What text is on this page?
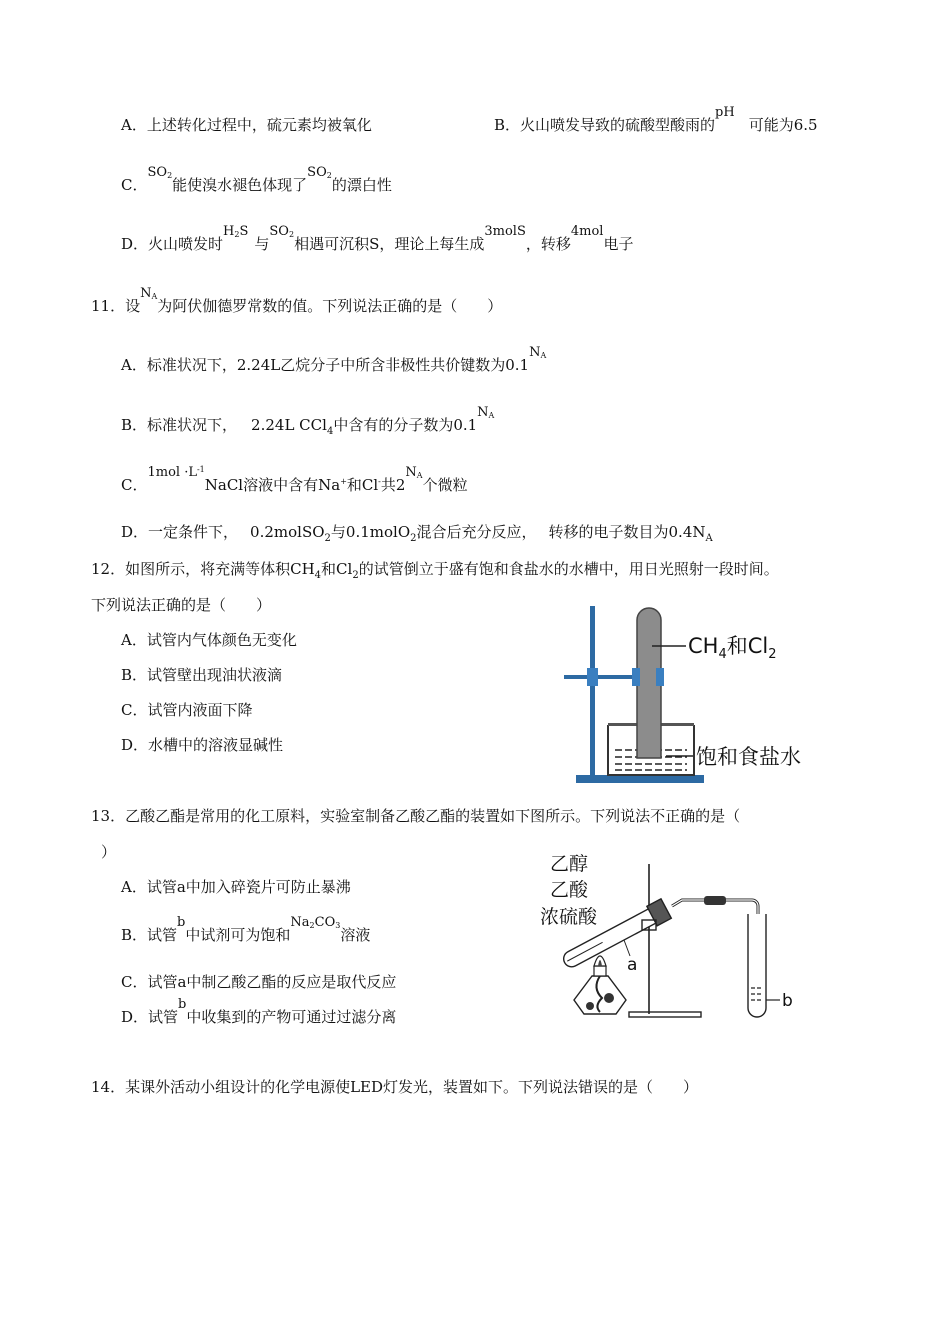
A．上述转化过程中，硫元素均被氧化	B．火山喷发导致的硫酸型酸雨的pH可能为6.5
C．SO2能使溴水褪色体现了SO2的漂白性
D．火山喷发时H2S与SO2相遇可沉积S，理论上每生成3molS，转移4mol电子
11．设NA为阿伏伽德罗常数的值。下列说法正确的是（　　）
A．标准状况下，2.24L乙烷分子中所含非极性共价键数为0.1NA
B．标准状况下， 2.24L CCl$_4$中含有的分子数为0.1NA
C．$1mol \cdot L^{-1}NaCl$溶液中含有Na+和Cl-共2NA个微粒
D．一定条件下， 0.2molSO$_2$与0.1molO$_2$混合后充分反应， 转移的电子数目为$0.4N_A$
12．如图所示，将充满等体积$CH_4$和$Cl_2$的试管倒立于盛有饱和食盐水的水槽中，用日光照射一段时间。
下列说法正确的是（　　）
A．试管内气体颜色无变化
B．试管壁出现油状液滴
C．试管内液面下降
D．水槽中的溶液显碱性
$CH_4$和$Cl_2$
饱和食盐水
13．乙酸乙酯是常用的化工原料，实验室制备乙酸乙酯的装置如下图所示。下列说法不正确的是（
）
A．试管a中加入碎瓷片可防止暴沸
B．试管b中试剂可为饱和Na2CO3溶液
C．试管a中制乙酸乙酯的反应是取代反应
D．试管b中收集到的产物可通过过滤分离
乙醇
乙酸
浓硫酸
b
a
14．某课外活动小组设计的化学电源使LED灯发光，装置如下。下列说法错误的是（　　）
